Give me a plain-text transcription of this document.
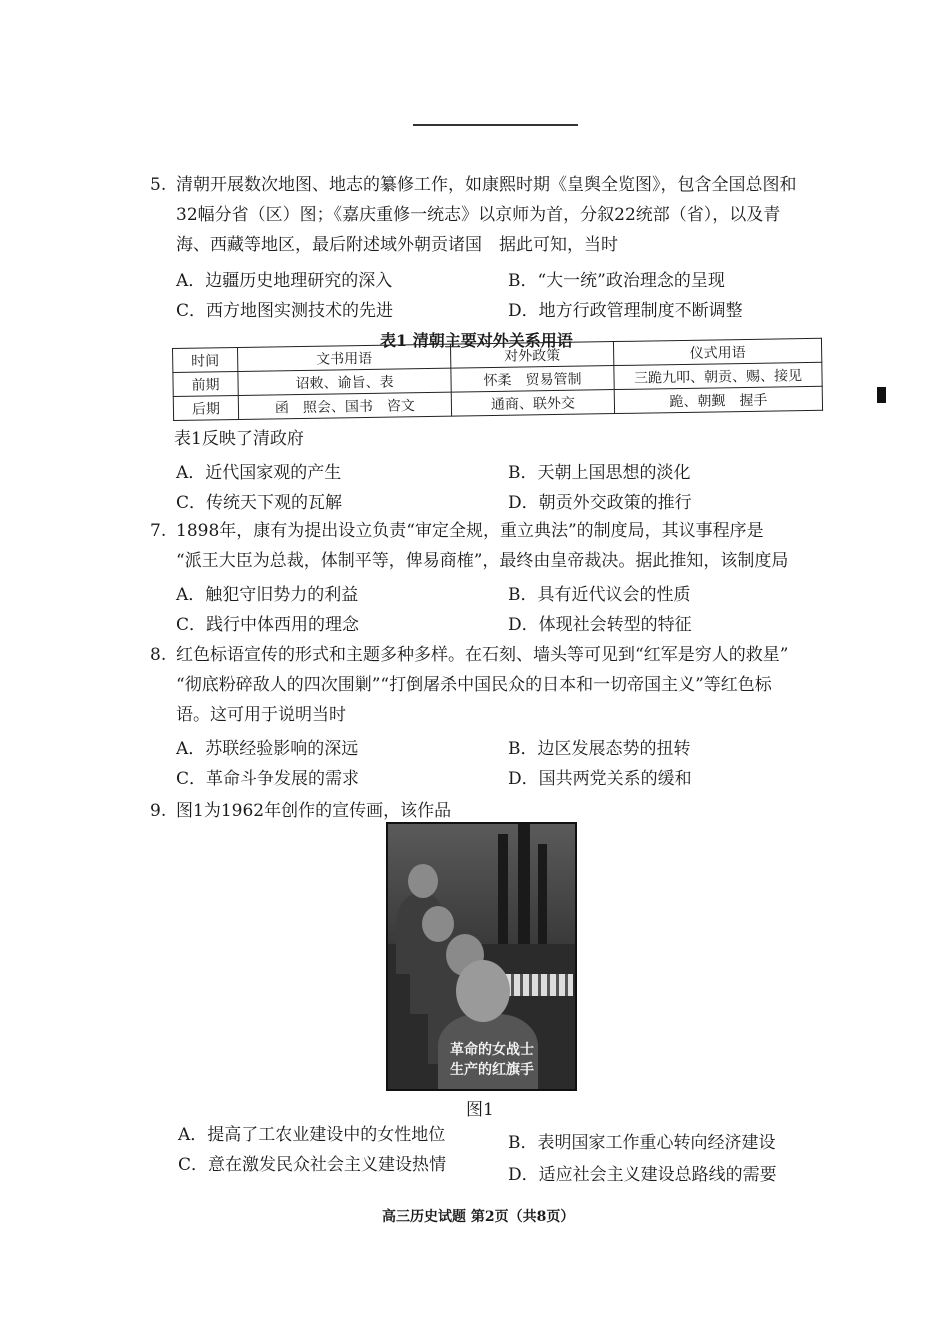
5. 清朝开展数次地图、地志的纂修工作，如康熙时期《皇舆全览图》，包含全国总图和
32幅分省（区）图；《嘉庆重修一统志》以京师为首，分叙22统部（省），以及青
海、西藏等地区，最后附述域外朝贡诸国　据此可知，当时
A．边疆历史地理研究的深入	B．“大一统”政治理念的呈现
C．西方地图实测技术的先进	D．地方行政管理制度不断调整
表1 清朝主要对外关系用语
时间	文书用语	对外政策	仪式用语
前期	诏敕、谕旨、表	怀柔　贸易管制	三跪九叩、朝贡、赐、接见
后期	函　照会、国书　咨文	通商、联外交	跪、朝觐　握手
表1反映了清政府
A．近代国家观的产生	B．天朝上国思想的淡化
C．传统天下观的瓦解	D．朝贡外交政策的推行
7. 1898年，康有为提出设立负责“审定全规，重立典法”的制度局，其议事程序是
“派王大臣为总裁，体制平等，俾易商榷”，最终由皇帝裁决。据此推知，该制度局
A．触犯守旧势力的利益	B．具有近代议会的性质
C．践行中体西用的理念	D．体现社会转型的特征
8. 红色标语宣传的形式和主题多种多样。在石刻、墙头等可见到“红军是穷人的救星”
“彻底粉碎敌人的四次围剿”“打倒屠杀中国民众的日本和一切帝国主义”等红色标
语。这可用于说明当时
A．苏联经验影响的深远	B．边区发展态势的扭转
C．革命斗争发展的需求	D．国共两党关系的缓和
9. 图1为1962年创作的宣传画，该作品
革命的女战士
生产的红旗手
图1
A．提高了工农业建设中的女性地位	B．表明国家工作重心转向经济建设
C．意在激发民众社会主义建设热情	D．适应社会主义建设总路线的需要
高三历史试题 第2页（共8页）
